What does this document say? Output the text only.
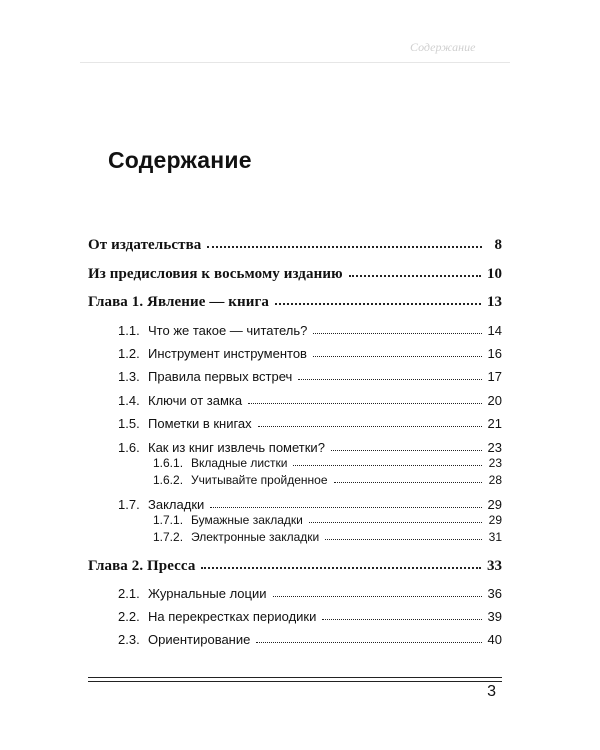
Содержание
Содержание
От издательства	8
Из предисловия к восьмому изданию	10
Глава 1. Явление — книга	13
1.1. Что же такое — читатель?	14
1.2. Инструмент инструментов	16
1.3. Правила первых встреч	17
1.4. Ключи от замка	20
1.5. Пометки в книгах	21
1.6. Как из книг извлечь пометки?	23
1.6.1. Вкладные листки	23
1.6.2. Учитывайте пройденное	28
1.7. Закладки	29
1.7.1. Бумажные закладки	29
1.7.2. Электронные закладки	31
Глава 2. Пресса	33
2.1. Журнальные лоции	36
2.2. На перекрестках периодики	39
2.3. Ориентирование	40
3
